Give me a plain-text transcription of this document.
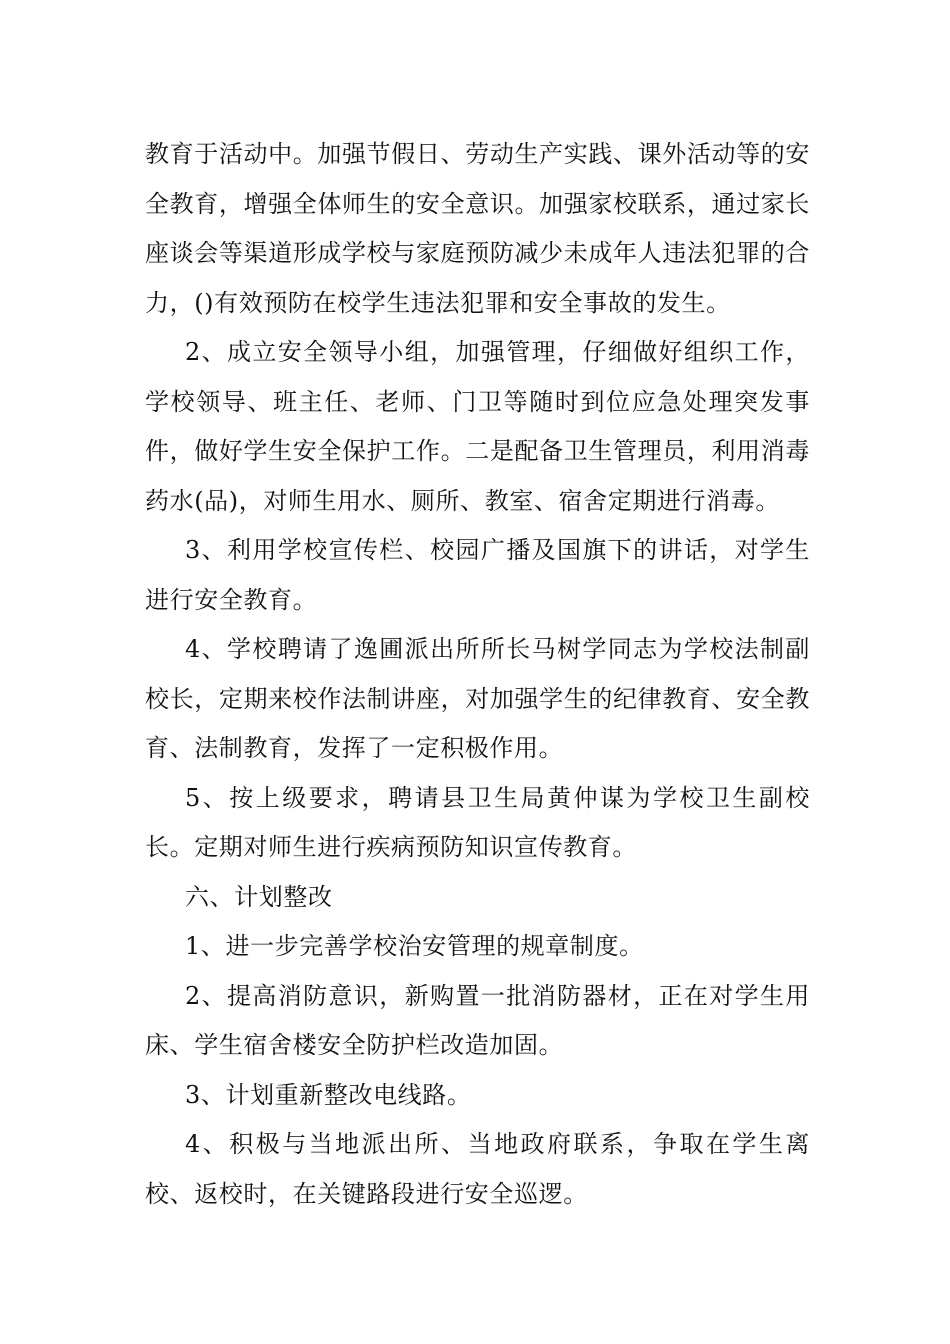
教育于活动中。加强节假日、劳动生产实践、课外活动等的安全教育，增强全体师生的安全意识。加强家校联系，通过家长座谈会等渠道形成学校与家庭预防减少未成年人违法犯罪的合力，()有效预防在校学生违法犯罪和安全事故的发生。

2、成立安全领导小组，加强管理，仔细做好组织工作，学校领导、班主任、老师、门卫等随时到位应急处理突发事件，做好学生安全保护工作。二是配备卫生管理员，利用消毒药水(品)，对师生用水、厕所、教室、宿舍定期进行消毒。

3、利用学校宣传栏、校园广播及国旗下的讲话，对学生进行安全教育。

4、学校聘请了逸圃派出所所长马树学同志为学校法制副校长，定期来校作法制讲座，对加强学生的纪律教育、安全教育、法制教育，发挥了一定积极作用。

5、按上级要求，聘请县卫生局黄仲谋为学校卫生副校长。定期对师生进行疾病预防知识宣传教育。

六、计划整改

1、进一步完善学校治安管理的规章制度。

2、提高消防意识，新购置一批消防器材，正在对学生用床、学生宿舍楼安全防护栏改造加固。

3、计划重新整改电线路。

4、积极与当地派出所、当地政府联系，争取在学生离校、返校时，在关键路段进行安全巡逻。
